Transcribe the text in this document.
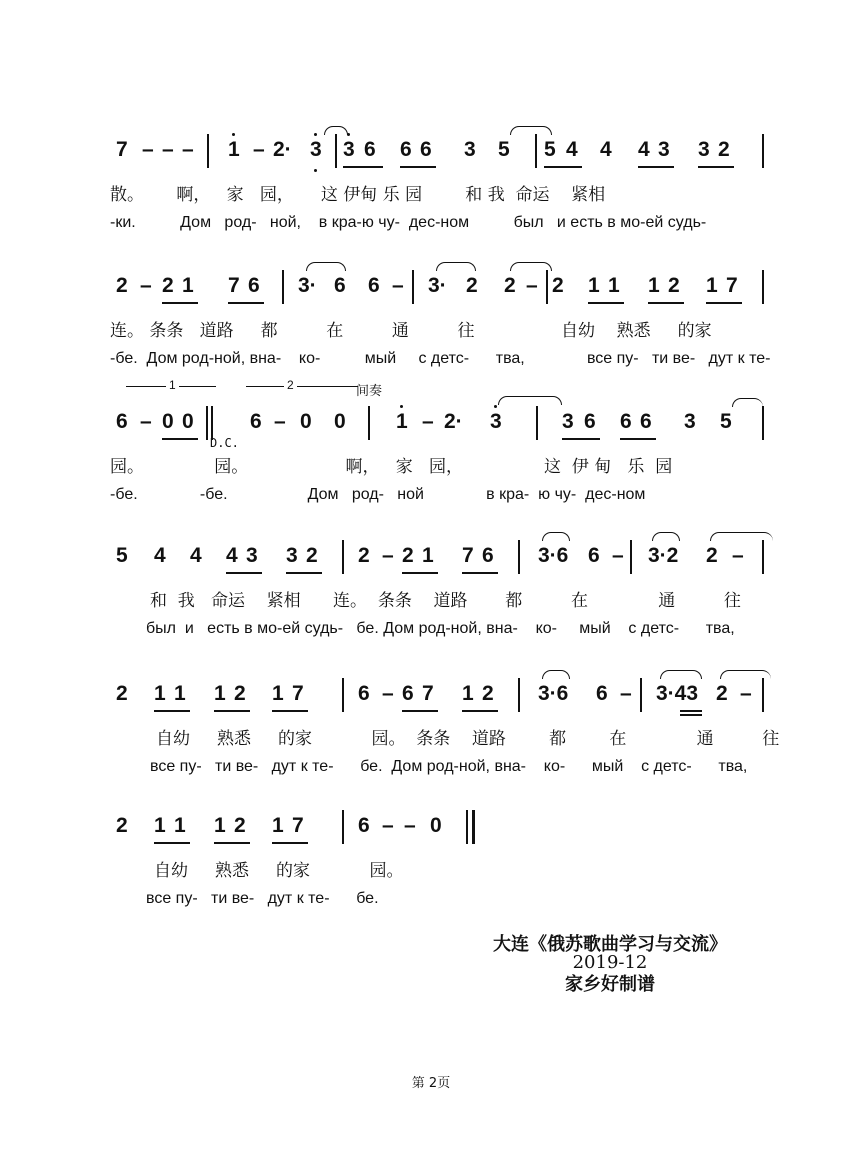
7 – – – 1 – 2· 3 3 6 6 6 3 5 5 4 4 4 3 3 2
散。      啊，   家   园，     这 伊甸 乐 园        和 我  命运    紧相
-ки.          Дом   род-   ной,    в кра-ю чу-  дес-ном          был   и есть в мо-ей судь-
2 – 2 1 7 6 3· 6 6 – 3· 2 2 – 2 1 1 1 2 1 7
连。 条条   道路     都         在         通         往                自幼    熟悉     的家
-бе.  Дом род-ной, вна-    ко-          мый     с детс-      тва,              все пу-   ти ве-   дут к те-
1	2	间奏
6 – 0 0
D.C.
6 – 0 0 1 – 2· 3	3 6 6 6 3 5
园。             园。                  啊，   家   园，               这  伊 甸   乐  园
-бе.              -бе.                  Дом   род-   ной              в кра-  ю чу-  дес-ном
5 4 4 4 3 3 2 2 – 2 1 7 6 3·6 6 – 3·2 2 –
和  我   命运    紧相      连。  条条    道路       都         在             通         往
был  и   есть в мо-ей судь-   бе. Дом род-ной, вна-    ко-     мый    с детс-      тва,
2 1 1 1 2 1 7	6 – 6 7 1 2 3·6 6 – 3·43 2 –
自幼     熟悉     的家           园。  条条    道路        都        在             通         往
все пу-   ти ве-   дут к те-      бе.  Дом род-ной, вна-    ко-      мый    с детс-      тва,
2 1 1 1 2 1 7	6 – – 0
自幼     熟悉     的家           园。
все пу-   ти ве-   дут к те-      бе.
大连《俄苏歌曲学习与交流》
2019-12
家乡好制谱
第 2页
